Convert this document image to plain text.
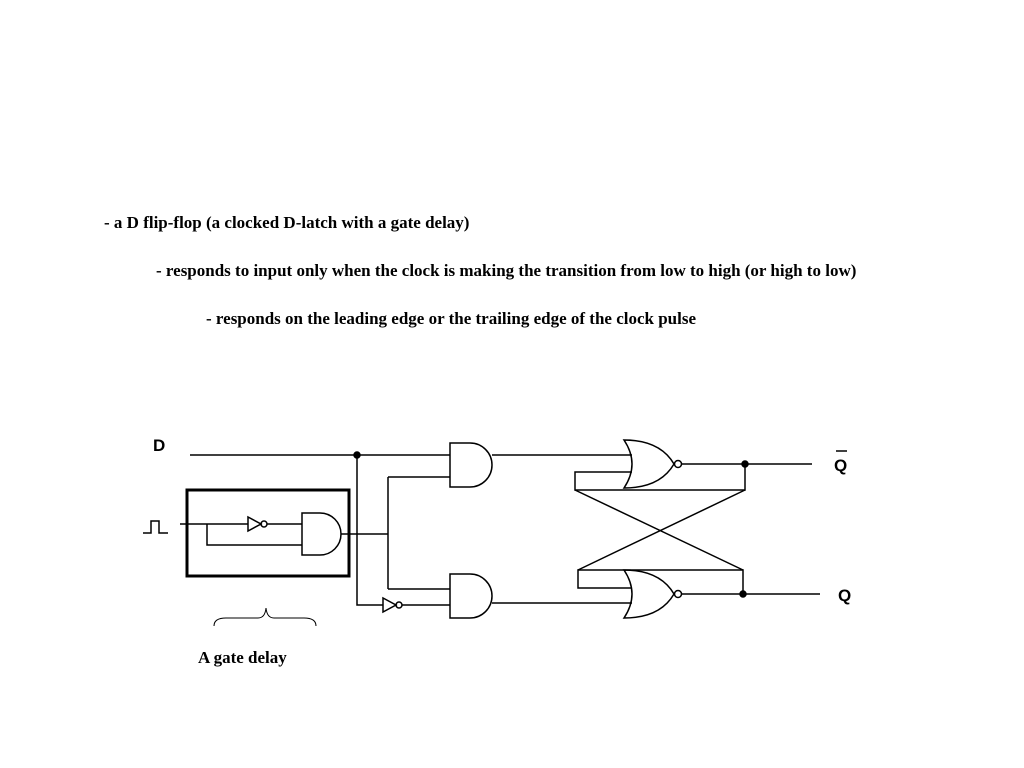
- a D flip-flop (a clocked D-latch with a gate delay)
- responds to input only when the clock is making the transition from low to high (or high to low)
- responds on the leading edge or the trailing edge of the clock pulse
D
Q
Q
A gate delay
